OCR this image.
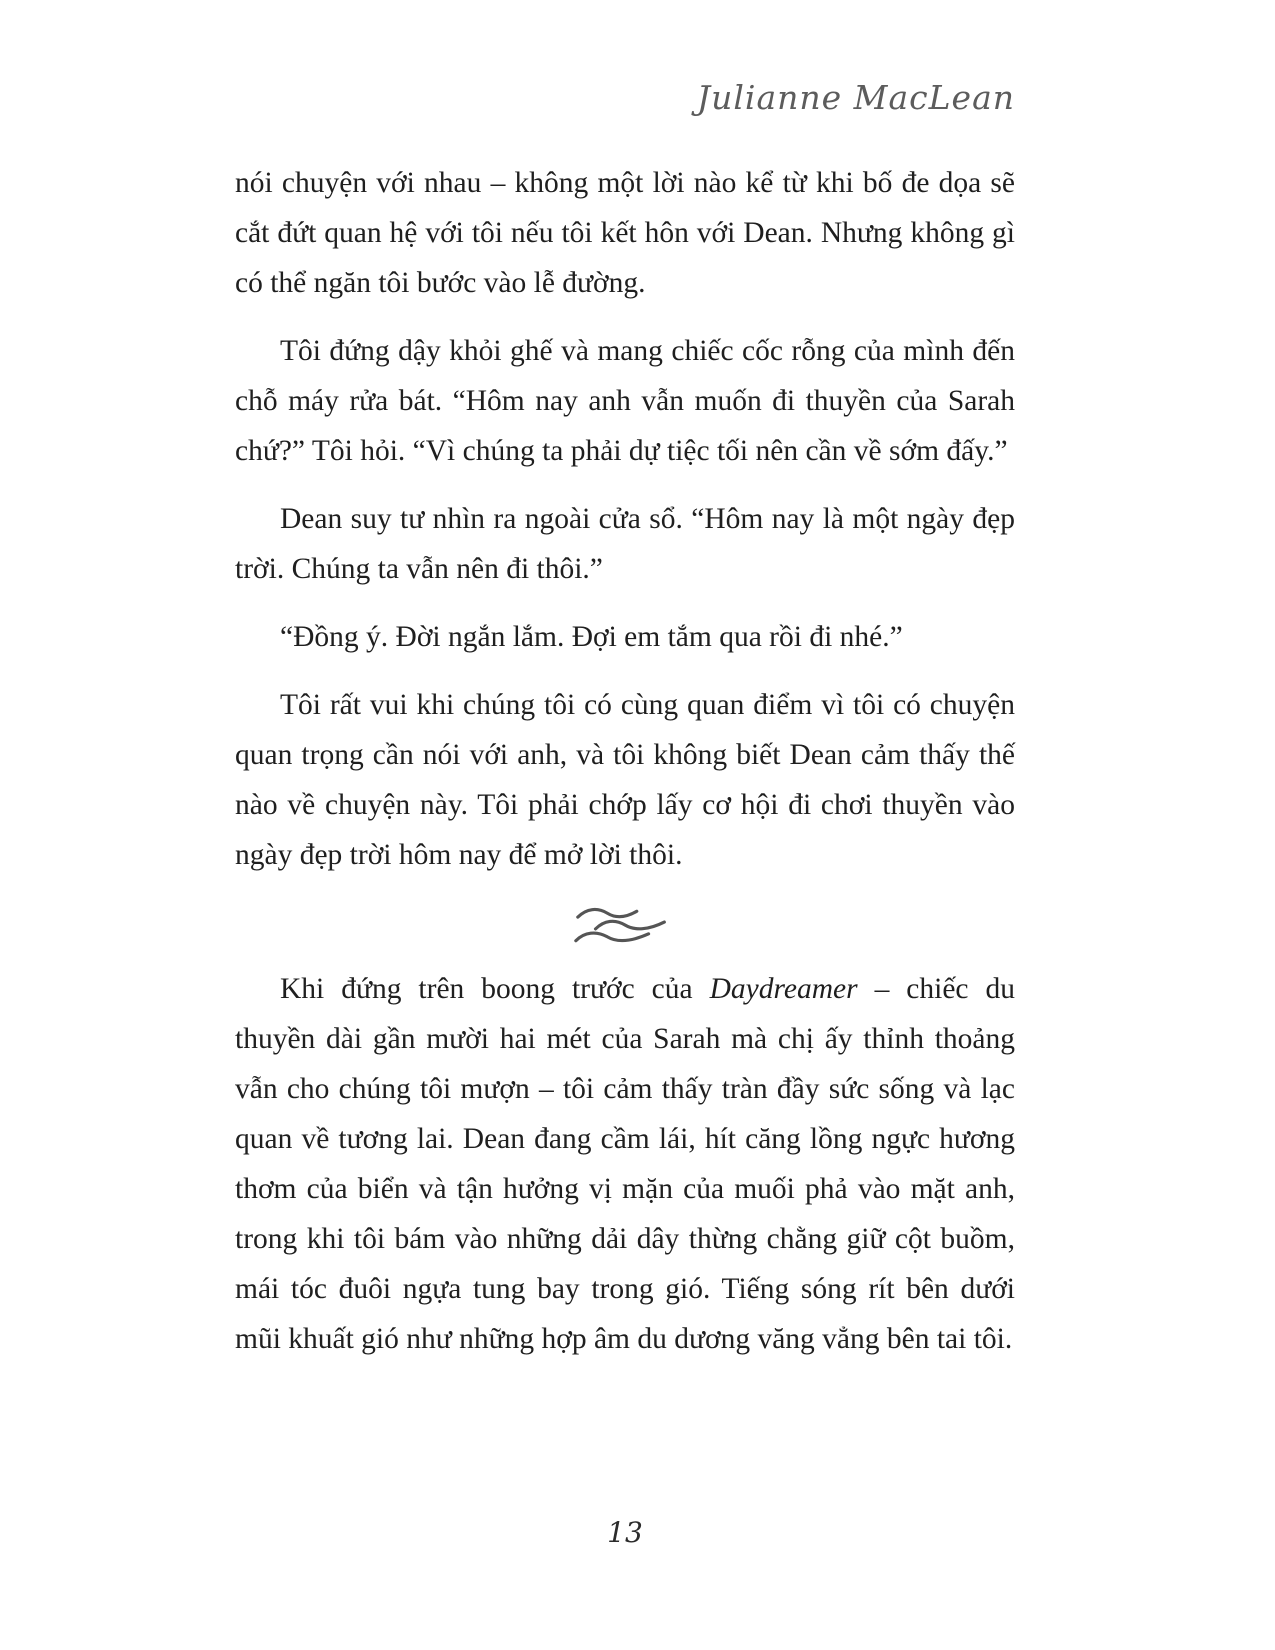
Julianne MacLean

nói chuyện với nhau – không một lời nào kể từ khi bố đe dọa sẽ cắt đứt quan hệ với tôi nếu tôi kết hôn với Dean. Nhưng không gì có thể ngăn tôi bước vào lễ đường.

Tôi đứng dậy khỏi ghế và mang chiếc cốc rỗng của mình đến chỗ máy rửa bát. “Hôm nay anh vẫn muốn đi thuyền của Sarah chứ?” Tôi hỏi. “Vì chúng ta phải dự tiệc tối nên cần về sớm đấy.”

Dean suy tư nhìn ra ngoài cửa sổ. “Hôm nay là một ngày đẹp trời. Chúng ta vẫn nên đi thôi.”

“Đồng ý. Đời ngắn lắm. Đợi em tắm qua rồi đi nhé.”

Tôi rất vui khi chúng tôi có cùng quan điểm vì tôi có chuyện quan trọng cần nói với anh, và tôi không biết Dean cảm thấy thế nào về chuyện này. Tôi phải chớp lấy cơ hội đi chơi thuyền vào ngày đẹp trời hôm nay để mở lời thôi.

Khi đứng trên boong trước của Daydreamer – chiếc du thuyền dài gần mười hai mét của Sarah mà chị ấy thỉnh thoảng vẫn cho chúng tôi mượn – tôi cảm thấy tràn đầy sức sống và lạc quan về tương lai. Dean đang cầm lái, hít căng lồng ngực hương thơm của biển và tận hưởng vị mặn của muối phả vào mặt anh, trong khi tôi bám vào những dải dây thừng chằng giữ cột buồm, mái tóc đuôi ngựa tung bay trong gió. Tiếng sóng rít bên dưới mũi khuất gió như những hợp âm du dương văng vẳng bên tai tôi.

13
